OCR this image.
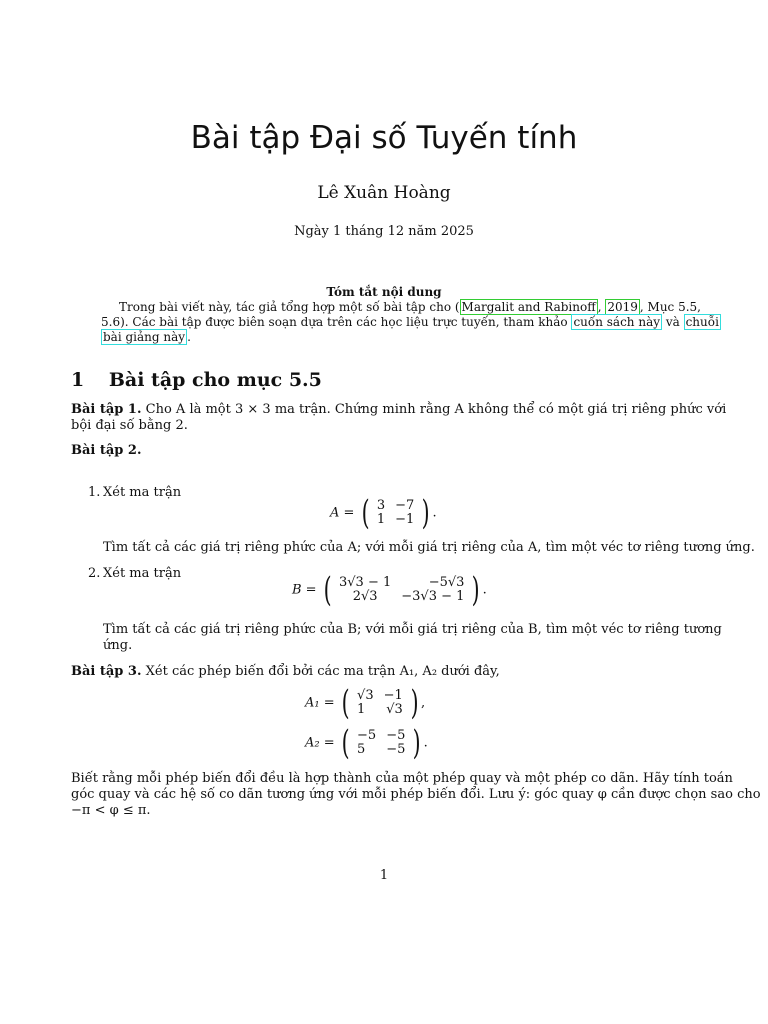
Bài tập Đại số Tuyến tính
Lê Xuân Hoàng
Ngày 1 tháng 12 năm 2025
Tóm tắt nội dung
Trong bài viết này, tác giả tổng hợp một số bài tập cho ( Margalit and Rabinoff , 2019 , Mục 5.5,
5.6). Các bài tập được biên soạn dựa trên các học liệu trực tuyến, tham khảo cuốn sách này và chuỗi
bài giảng này .
1 Bài tập cho mục 5.5
Bài tập 1. Cho A là một 3 × 3 ma trận. Chứng minh rằng A không thể có một giá trị riêng phức với
bội đại số bằng 2.
Bài tập 2.
1. Xét ma trận
A = ( 3	−7
1	−1 ) .
Tìm tất cả các giá trị riêng phức của A; với mỗi giá trị riêng của A, tìm một véc tơ riêng tương ứng.
2. Xét ma trận
B = ( 3√3 − 1	−5√3
2√3	−3√3 − 1 ) .
Tìm tất cả các giá trị riêng phức của B; với mỗi giá trị riêng của B, tìm một véc tơ riêng tương
ứng.
Bài tập 3. Xét các phép biến đổi bởi các ma trận A₁, A₂ dưới đây,
A₁ = ( √3	−1
1	√3 ) ,
A₂ = ( −5	−5
5	−5 ) .
Biết rằng mỗi phép biến đổi đều là hợp thành của một phép quay và một phép co dãn. Hãy tính toán
góc quay và các hệ số co dãn tương ứng với mỗi phép biến đổi. Lưu ý: góc quay φ cần được chọn sao cho
−π < φ ≤ π.
1
